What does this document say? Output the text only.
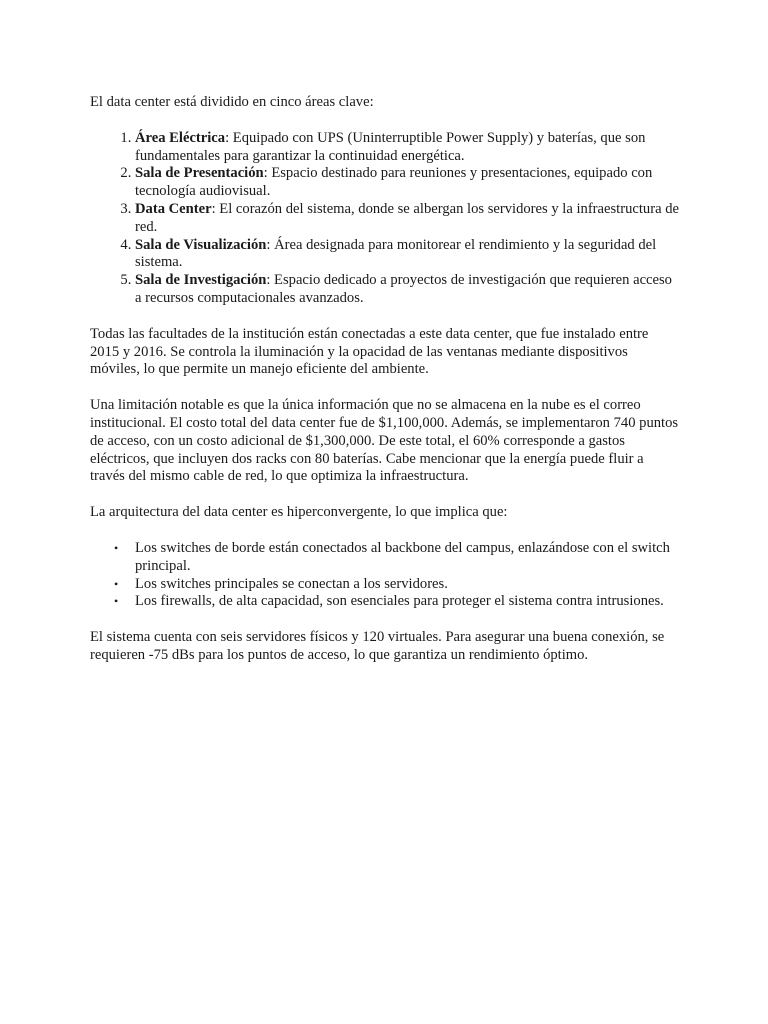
El data center está dividido en cinco áreas clave:

1. Área Eléctrica: Equipado con UPS (Uninterruptible Power Supply) y baterías, que son fundamentales para garantizar la continuidad energética.
2. Sala de Presentación: Espacio destinado para reuniones y presentaciones, equipado con tecnología audiovisual.
3. Data Center: El corazón del sistema, donde se albergan los servidores y la infraestructura de red.
4. Sala de Visualización: Área designada para monitorear el rendimiento y la seguridad del sistema.
5. Sala de Investigación: Espacio dedicado a proyectos de investigación que requieren acceso a recursos computacionales avanzados.

Todas las facultades de la institución están conectadas a este data center, que fue instalado entre 2015 y 2016. Se controla la iluminación y la opacidad de las ventanas mediante dispositivos móviles, lo que permite un manejo eficiente del ambiente.

Una limitación notable es que la única información que no se almacena en la nube es el correo institucional. El costo total del data center fue de $1,100,000. Además, se implementaron 740 puntos de acceso, con un costo adicional de $1,300,000. De este total, el 60% corresponde a gastos eléctricos, que incluyen dos racks con 80 baterías. Cabe mencionar que la energía puede fluir a través del mismo cable de red, lo que optimiza la infraestructura.

La arquitectura del data center es hiperconvergente, lo que implica que:

• Los switches de borde están conectados al backbone del campus, enlazándose con el switch principal.
• Los switches principales se conectan a los servidores.
• Los firewalls, de alta capacidad, son esenciales para proteger el sistema contra intrusiones.

El sistema cuenta con seis servidores físicos y 120 virtuales. Para asegurar una buena conexión, se requieren -75 dBs para los puntos de acceso, lo que garantiza un rendimiento óptimo.
